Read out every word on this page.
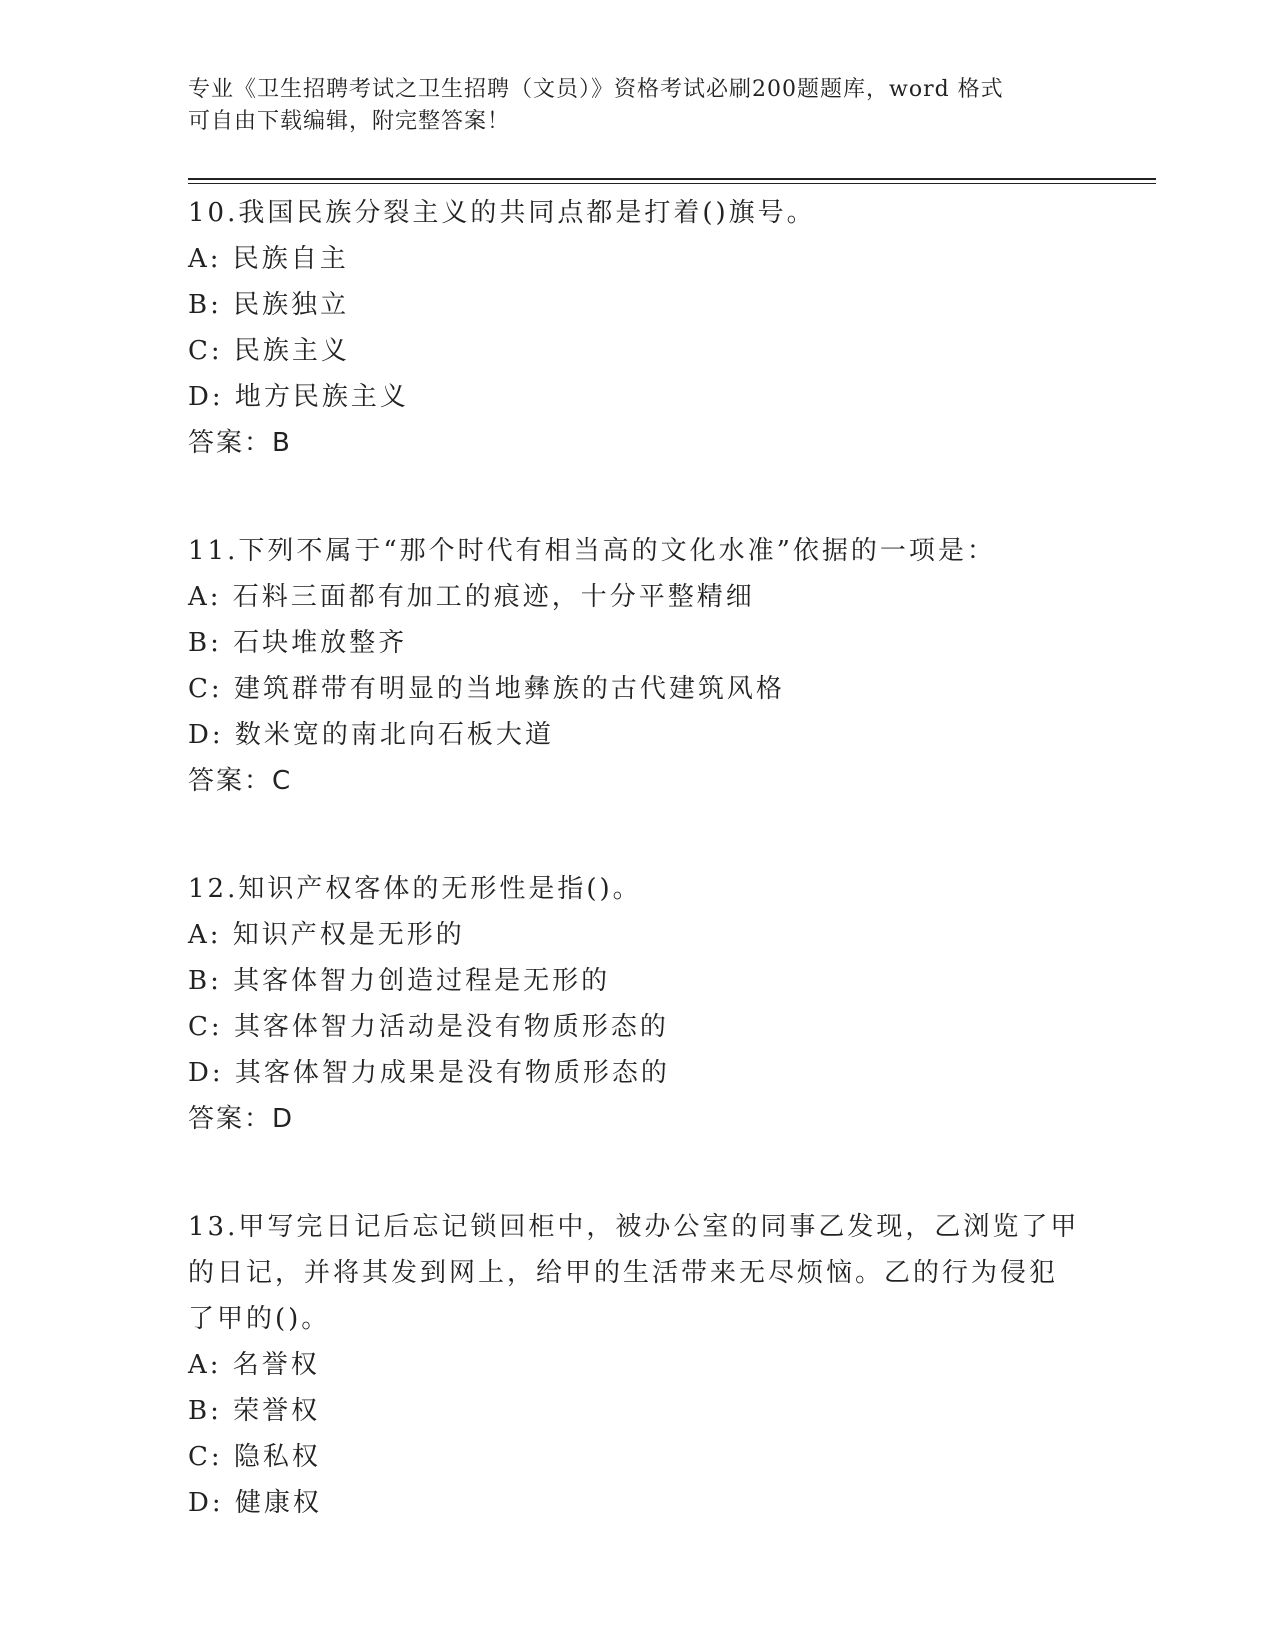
专业《卫生招聘考试之卫生招聘（文员）》资格考试必刷200题题库，word 格式
可自由下载编辑，附完整答案！
10.我国民族分裂主义的共同点都是打着()旗号。
A: 民族自主
B: 民族独立
C: 民族主义
D: 地方民族主义
答案：B
11.下列不属于“那个时代有相当高的文化水准”依据的一项是：
A: 石料三面都有加工的痕迹，十分平整精细
B: 石块堆放整齐
C: 建筑群带有明显的当地彝族的古代建筑风格
D: 数米宽的南北向石板大道
答案：C
12.知识产权客体的无形性是指()。
A: 知识产权是无形的
B: 其客体智力创造过程是无形的
C: 其客体智力活动是没有物质形态的
D: 其客体智力成果是没有物质形态的
答案：D
13.甲写完日记后忘记锁回柜中，被办公室的同事乙发现，乙浏览了甲
的日记，并将其发到网上，给甲的生活带来无尽烦恼。乙的行为侵犯
了甲的()。
A: 名誉权
B: 荣誉权
C: 隐私权
D: 健康权
